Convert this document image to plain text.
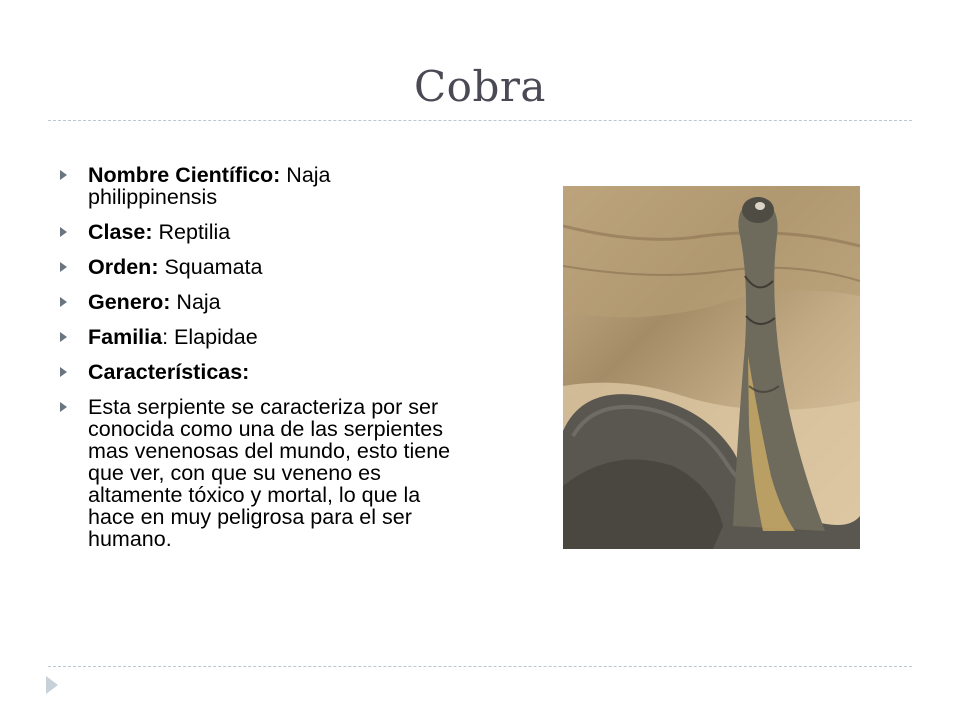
Cobra
Nombre Científico: Naja philippinensis
Clase: Reptilia
Orden: Squamata
Genero: Naja
Familia: Elapidae
Características:
Esta serpiente se caracteriza por ser conocida como una de las serpientes mas venenosas del mundo, esto tiene que ver, con que su veneno es altamente tóxico y mortal, lo que la hace en muy peligrosa para el ser humano.
